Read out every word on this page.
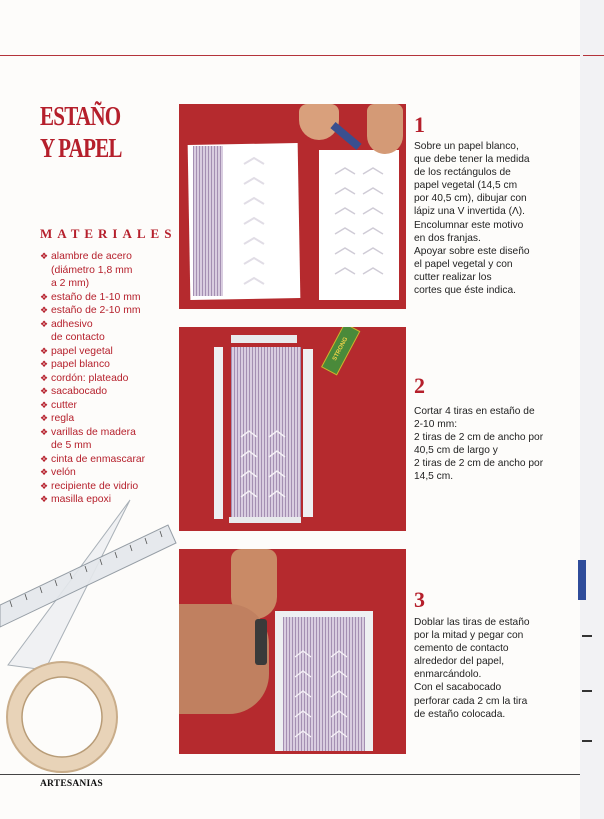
ESTAÑO
Y PAPEL
MATERIALES
❖ alambre de acero
(diámetro 1,8 mm
a 2 mm)
❖ estaño de 1-10 mm
❖ estaño de 2-10 mm
❖ adhesivo
de contacto
❖ papel vegetal
❖ papel blanco
❖ cordón: plateado
❖ sacabocado
❖ cutter
❖ regla
❖ varillas de madera
de 5 mm
❖ cinta de enmascarar
❖ velón
❖ recipiente de vidrio
❖ masilla epoxi
STRONG

1

Sobre un papel blanco,
que debe tener la medida
de los rectángulos de
papel vegetal (14,5 cm
por 40,5 cm), dibujar con
lápiz una V invertida (Λ).
Encolumnar este motivo
en dos franjas.
Apoyar sobre este diseño
el papel vegetal y con
cutter realizar los
cortes que éste indica.

2

Cortar 4 tiras en estaño de
2-10 mm:
2 tiras de 2 cm de ancho por
40,5 cm de largo y
2 tiras de 2 cm de ancho por
14,5 cm.

3

Doblar las tiras de estaño
por la mitad y pegar con
cemento de contacto
alrededor del papel,
enmarcándolo.
Con el sacabocado
perforar cada 2 cm la tira
de estaño colocada.

ARTESANIAS
